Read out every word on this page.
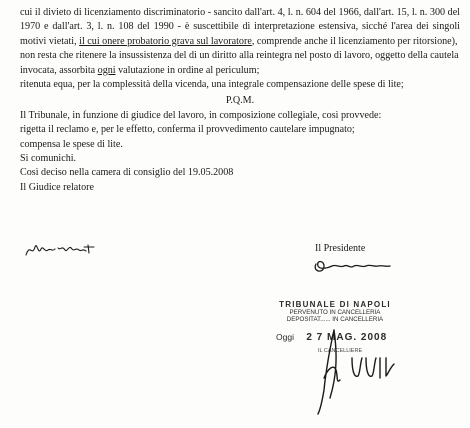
cui il divieto di licenziamento discriminatorio - sancito dall'art. 4, l. n. 604 del 1966, dall'art. 15, l. n. 300 del
1970 e dall'art. 3, l. n. 108 del 1990 - è suscettibile di interpretazione estensiva, sicché l'area dei singoli
motivi vietati, il cui onere probatorio grava sul lavoratore, comprende anche il licenziamento per ritorsione),
non resta che ritenere la insussistenza del di un diritto alla reintegra nel posto di lavoro, oggetto della cautela
invocata, assorbita ogni valutazione in ordine al periculum;
ritenuta equa, per la complessità della vicenda, una integrale compensazione delle spese di lite;
P.Q.M.
Il Tribunale, in funzione di giudice del lavoro, in composizione collegiale, così provvede:
rigetta il reclamo e, per le effetto, conferma il provvedimento cautelare impugnato;
compensa le spese di lite.
Si comunichi.
Così deciso nella camera di consiglio del 19.05.2008
Il Giudice relatore
Il Presidente
TRIBUNALE DI NAPOLI
PERVENUTO IN CANCELLERIA
DEPOSITAT...... IN CANCELLERIA
Oggi 2 7 MAG. 2008
IL CANCELLIERE
